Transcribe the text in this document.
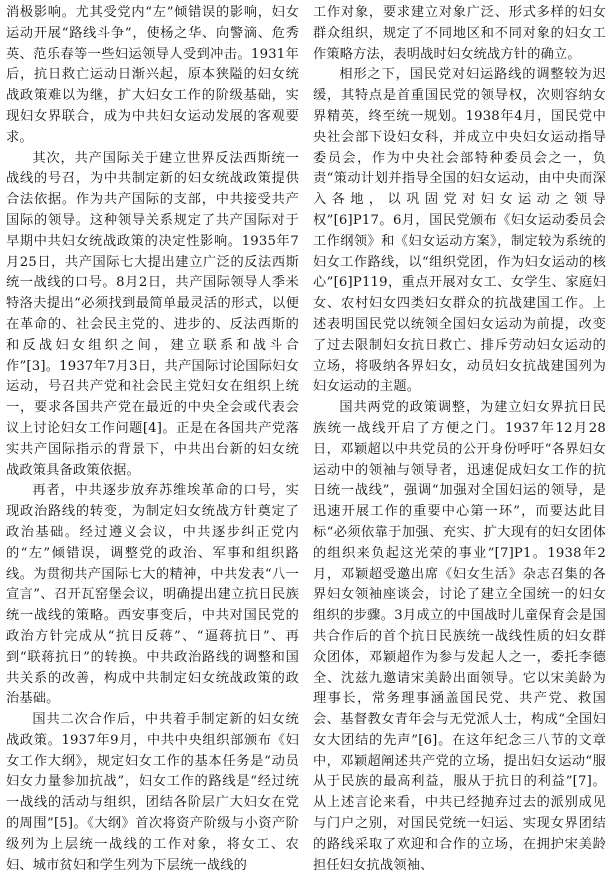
消极影响。尤其受党内“左”倾错误的影响，妇女运动开展“路线斗争”，使杨之华、向警滴、危秀英、范乐春等一些妇运领导人受到冲击。1931年后，抗日救亡运动日渐兴起，原本狭隘的妇女统战政策难以为继，扩大妇女工作的阶级基础，实现妇女界联合，成为中共妇女运动发展的客观要求。

其次，共产国际关于建立世界反法西斯统一战线的号召，为中共制定新的妇女统战政策提供合法依据。作为共产国际的支部，中共接受共产国际的领导。这种领导关系规定了共产国际对于早期中共妇女统战政策的决定性影响。1935年7月25日，共产国际七大提出建立广泛的反法西斯统一战线的口号。8月2日，共产国际领导人季米特洛夫提出“必须找到最简单最灵活的形式，以便在革命的、社会民主党的、进步的、反法西斯的和反战妇女组织之间，建立联系和战斗合作”[3]。1937年7月3日，共产国际讨论国际妇女运动，号召共产党和社会民主党妇女在组织上统一，要求各国共产党在最近的中央全会或代表会议上讨论妇女工作问题[4]。正是在各国共产党落实共产国际指示的背景下，中共出台新的妇女统战政策具备政策依据。

再者，中共逐步放弃苏维埃革命的口号，实现政治路线的转变，为制定妇女统战方针奠定了政治基础。经过遵义会议，中共逐步纠正党内的“左”倾错误，调整党的政治、军事和组织路线。为贯彻共产国际七大的精神，中共发表“八一宣言”、召开瓦窑堡会议，明确提出建立抗日民族统一战线的策略。西安事变后，中共对国民党的政治方针完成从“抗日反蒋”、“逼蒋抗日”、再到“联蒋抗日”的转换。中共政治路线的调整和国共关系的改善，构成中共制定妇女统战政策的政治基础。

国共二次合作后，中共着手制定新的妇女统战政策。1937年9月，中共中央组织部颁布《妇女工作大纲》，规定妇女工作的基本任务是“动员妇女力量参加抗战”，妇女工作的路线是“经过统一战线的活动与组织，团结各阶层广大妇女在党的周围”[5]。《大纲》首次将资产阶级与小资产阶级列为上层统一战线的工作对象，将女工、农妇、城市贫妇和学生列为下层统一战线的

工作对象，要求建立对象广泛、形式多样的妇女群众组织，规定了不同地区和不同对象的妇女工作策略方法，表明战时妇女统战方针的确立。

相形之下，国民党对妇运路线的调整较为迟缓，其特点是首重国民党的领导权，次则容纳女界精英，终至统一规划。1938年4月，国民党中央社会部下设妇女科，并成立中央妇女运动指导委员会，作为中央社会部特种委员会之一，负责“策动计划并指导全国的妇女运动，由中央而深入各地，以巩固党对妇女运动之领导权”[6]P17。6月，国民党颁布《妇女运动委员会工作纲领》和《妇女运动方案》，制定较为系统的妇女工作路线，以“组织党团，作为妇女运动的核心”[6]P119，重点开展对女工、女学生、家庭妇女、农村妇女四类妇女群众的抗战建国工作。上述表明国民党以统领全国妇女运动为前提，改变了过去限制妇女抗日救亡、排斥劳动妇女运动的立场，将吸纳各界妇女，动员妇女抗战建国列为妇女运动的主题。

国共两党的政策调整，为建立妇女界抗日民族统一战线开启了方便之门。1937年12月28日，邓颖超以中共党员的公开身份呼吁“各界妇女运动中的领袖与领导者，迅速促成妇女工作的抗日统一战线”，强调“加强对全国妇运的领导，是迅速开展工作的重要中心第一环”，而要达此目标“必须依靠于加强、充实、扩大现有的妇女团体的组织来负起这光荣的事业”[7]P1。1938年2月，邓颖超受邀出席《妇女生活》杂志召集的各界妇女领袖座谈会，讨论了建立全国统一的妇女组织的步骤。3月成立的中国战时儿童保育会是国共合作后的首个抗日民族统一战线性质的妇女群众团体，邓颖超作为参与发起人之一，委托李德全、沈兹九邀请宋美龄出面领导。它以宋美龄为理事长，常务理事涵盖国民党、共产党、救国会、基督教女青年会与无党派人士，构成“全国妇女大团结的先声”[6]。在这年纪念三八节的文章中，邓颖超阐述共产党的立场，提出妇女运动“服从于民族的最高利益，服从于抗日的利益”[7]。从上述言论来看，中共已经抛弃过去的派别成见与门户之别，对国民党统一妇运、实现女界团结的路线采取了欢迎和合作的立场，在拥护宋美龄担任妇女抗战领袖、
